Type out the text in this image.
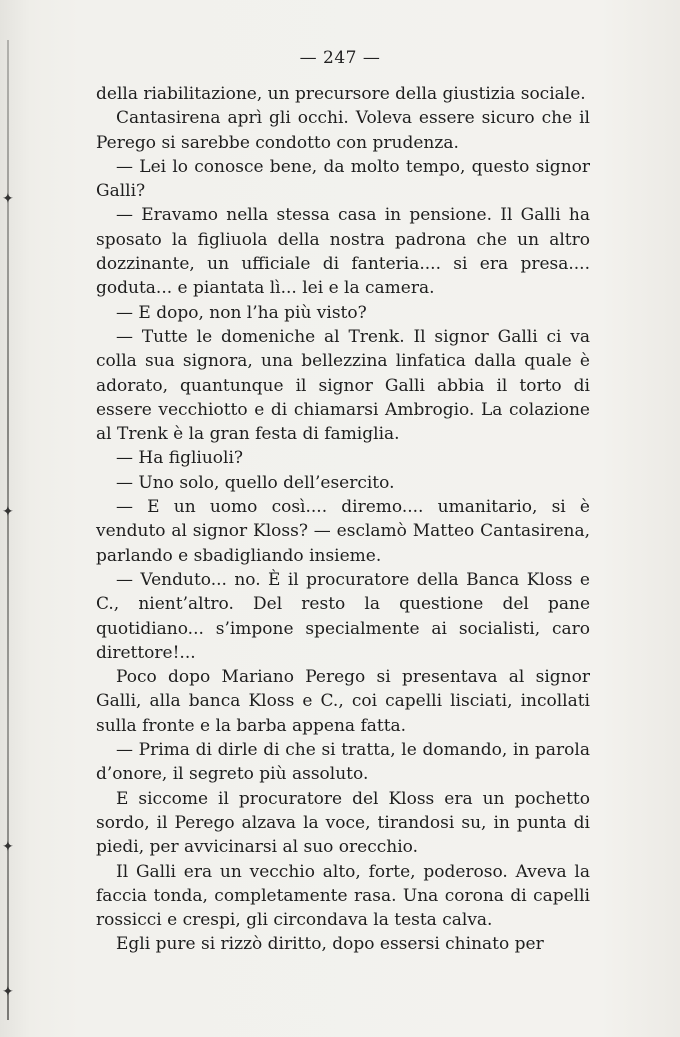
✦
✦
✦
✦
— 247 —

della riabilitazione, un precursore della giustizia sociale.

Cantasirena aprì gli occhi. Voleva essere sicuro che il Perego si sarebbe condotto con prudenza.

— Lei lo conosce bene, da molto tempo, questo signor Galli?

— Eravamo nella stessa casa in pensione. Il Galli ha sposato la figliuola della nostra padrona che un altro dozzinante, un ufficiale di fanteria.... si era presa.... goduta... e piantata lì... lei e la camera.

— E dopo, non l’ha più visto?

— Tutte le domeniche al Trenk. Il signor Galli ci va colla sua signora, una bellezzina linfatica dalla quale è adorato, quantunque il signor Galli abbia il torto di essere vecchiotto e di chiamarsi Ambrogio. La colazione al Trenk è la gran festa di famiglia.

— Ha figliuoli?

— Uno solo, quello dell’esercito.

— E un uomo così.... diremo.... umanitario, si è venduto al signor Kloss? — esclamò Matteo Cantasirena, parlando e sbadigliando insieme.

— Venduto... no. È il procuratore della Banca Kloss e C., nient’altro. Del resto la questione del pane quotidiano... s’impone specialmente ai socialisti, caro direttore!...

Poco dopo Mariano Perego si presentava al signor Galli, alla banca Kloss e C., coi capelli lisciati, incollati sulla fronte e la barba appena fatta.

— Prima di dirle di che si tratta, le domando, in parola d’onore, il segreto più assoluto.

E siccome il procuratore del Kloss era un pochetto sordo, il Perego alzava la voce, tirandosi su, in punta di piedi, per avvicinarsi al suo orecchio.

Il Galli era un vecchio alto, forte, poderoso. Aveva la faccia tonda, completamente rasa. Una corona di capelli rossicci e crespi, gli circondava la testa calva.

Egli pure si rizzò diritto, dopo essersi chinato per
